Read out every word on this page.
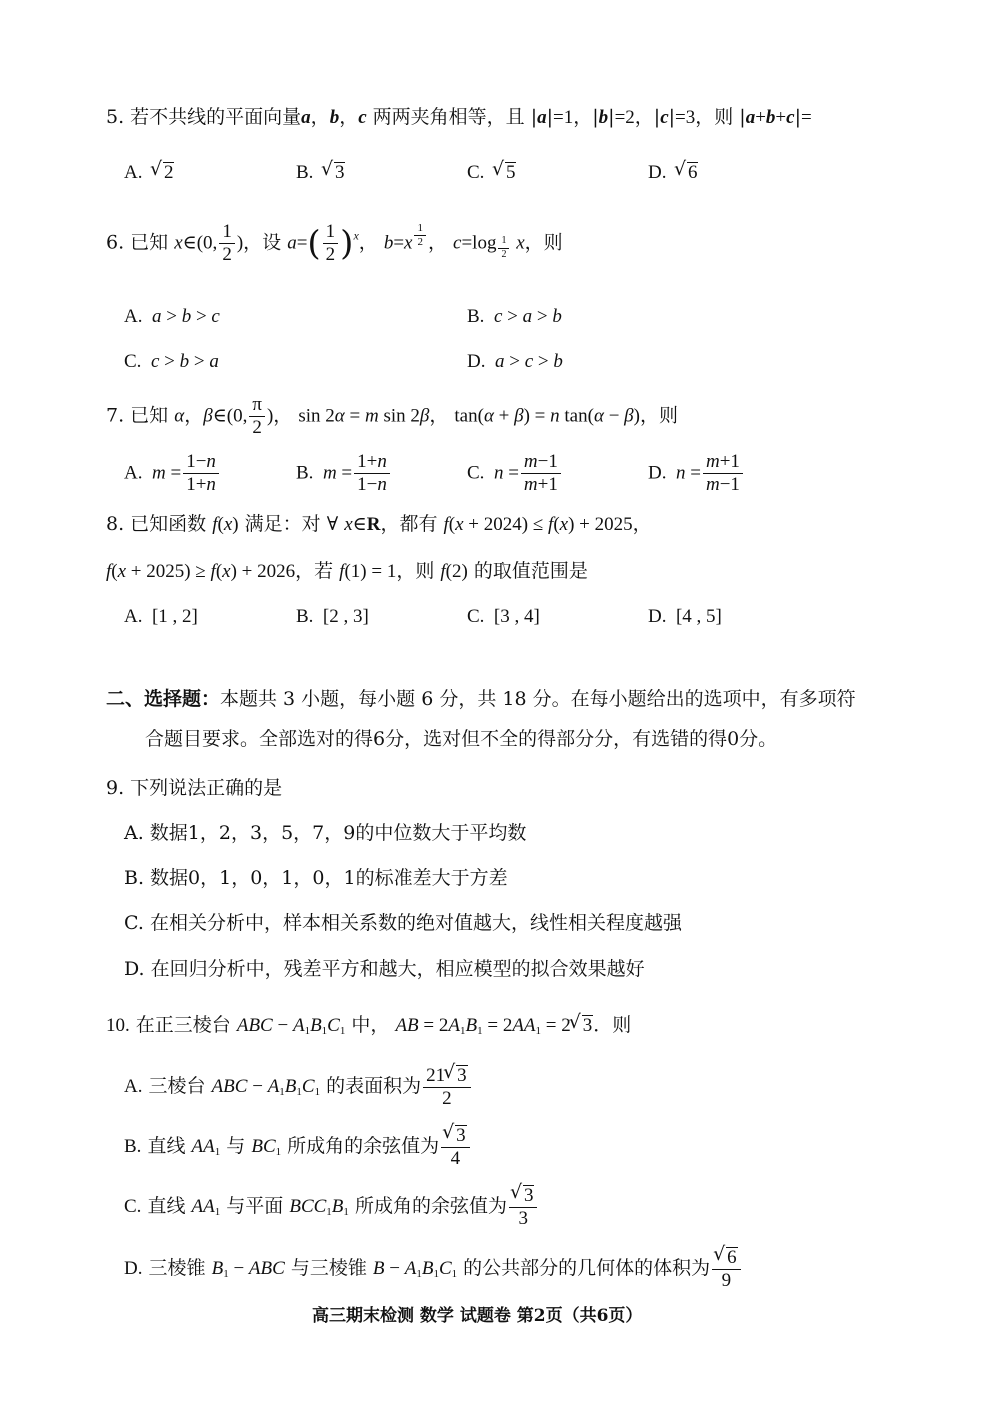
5. 若不共线的平面向量a，b，c 两两夹角相等，且 |a|=1，|b|=2，|c|=3，则 |a+b+c|=
A.  √ 2	B.  √ 3	C.  √ 5	D.  √ 6
6. 已知 x∈(0, $\frac{1}{2}$ )，设 $a=( \frac{1}{2} )^x$， b=x $^{\frac{1}{2}}$ ， c=log $_{\frac{1}{2}}$ x，则
A.  a > b > c	B.  c > a > b
C.  c > b > a	D.  a > c > b
7. 已知 α，β∈(0, $\frac{\pi}{2}$ )， sin 2α = m sin 2β， tan(α + β) = n tan(α − β)，则
A.  $m = \frac{1-n}{1+n}$	B.  $m = \frac{1+n}{1-n}$	C.  $n = \frac{m-1}{m+1}$	D.  $n = \frac{m+1}{m-1}$
8. 已知函数 f(x) 满足：对 ∀ x∈R，都有 f(x + 2024) ≤ f(x) + 2025，
f(x + 2025) ≥ f(x) + 2026，若 f(1) = 1，则 f(2) 的取值范围是
A.  [1 , 2]	B.  [2 , 3]	C.  [3 , 4]	D.  [4 , 5]
二、选择题：本题共 3 小题，每小题 6 分，共 18 分。在每小题给出的选项中，有多项符
合题目要求。全部选对的得6分，选对但不全的得部分分，有选错的得0分。
9. 下列说法正确的是
A. 数据1，2，3，5，7，9的中位数大于平均数
B. 数据0，1，0，1，0，1的标准差大于方差
C. 在相关分析中，样本相关系数的绝对值越大，线性相关程度越强
D. 在回归分析中，残差平方和越大，相应模型的拟合效果越好
10. 在正三棱台 ABC − $A_1B_1C_1$ 中， AB = $2A_1B_1 = 2AA_1 = 2√$ 3．则
A. 三棱台 ABC − $A_1B_1C_1$ 的表面积为 $\frac{21√ 3}{2}$
B. 直线 $AA_1$ 与 $BC_1$ 所成角的余弦值为
√ $\frac{3}{4}$
C. 直线 $AA_1$ 与平面 $BCC_1B_1$ 所成角的余弦值为
√ $\frac{3}{3}$
D. 三棱锥 $B_1$ − ABC 与三棱锥 $B - A_1B_1C_1$ 的公共部分的几何体的体积为
√ $\frac{6}{9}$
高三期末检测 数学 试题卷 第2页（共6页）
